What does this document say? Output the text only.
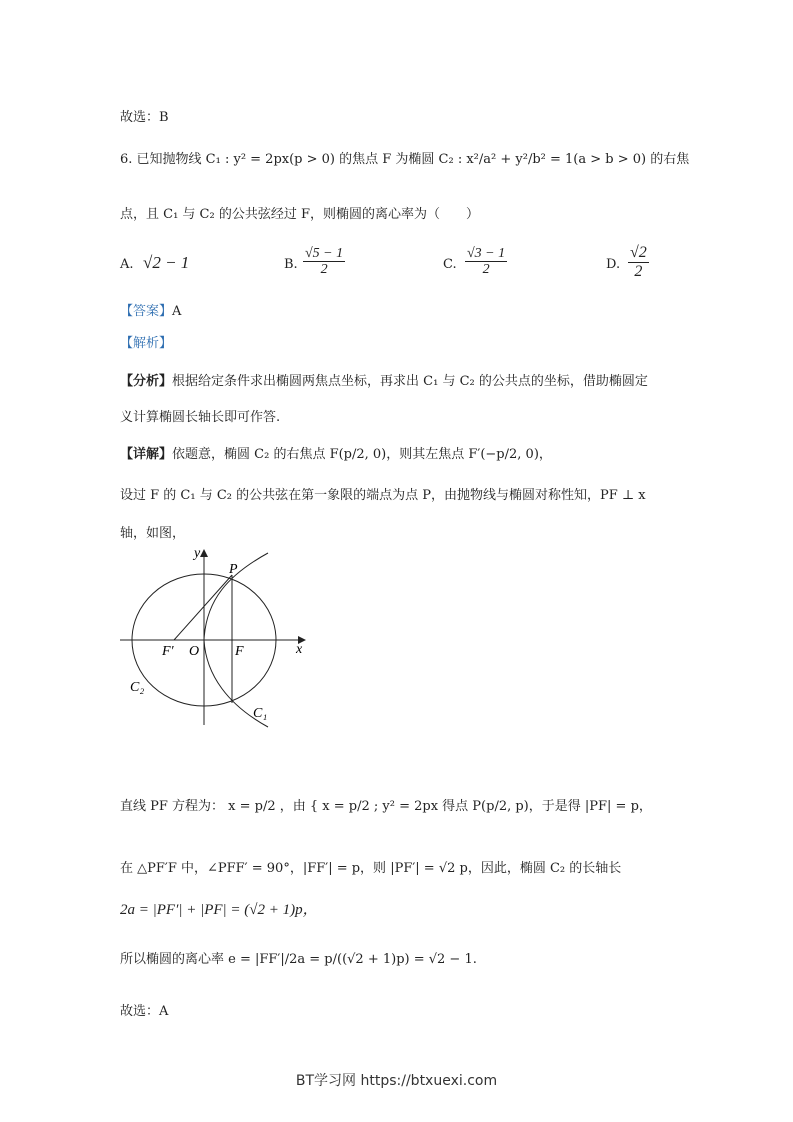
故选：B
6. 已知抛物线 C₁ : y² = 2px(p > 0) 的焦点 F 为椭圆 C₂ : x²/a² + y²/b² = 1(a > b > 0) 的右焦
点，且 C₁ 与 C₂ 的公共弦经过 F，则椭圆的离心率为（　　）
A. √2 − 1	B. $\frac{√5 - 1}{2}$	C. $\frac{√3 - 1}{2}$	D. $\frac{√2}{2}$
【答案】A
【解析】
【分析】根据给定条件求出椭圆两焦点坐标，再求出 C₁ 与 C₂ 的公共点的坐标，借助椭圆定
义计算椭圆长轴长即可作答.
【详解】依题意，椭圆 C₂ 的右焦点 F(p/2, 0)，则其左焦点 F′(−p/2, 0)，
设过 F 的 C₁ 与 C₂ 的公共弦在第一象限的端点为点 P，由抛物线与椭圆对称性知，PF ⊥ x
轴，如图，
y
x
P
F′ O	F
C₂
C₁
直线 PF 方程为： x = p/2 ，由 { x = p/2 ; y² = 2px 得点 P(p/2, p)，于是得 |PF| = p，
在 △PF′F 中，∠PFF′ = 90°，|FF′| = p，则 |PF′| = √2 p，因此，椭圆 C₂ 的长轴长
2a = |PF′| + |PF| = (√2 + 1)p，
所以椭圆的离心率 e = |FF′|/2a = p/((√2 + 1)p) = √2 − 1.
故选：A
BT学习网 https://btxuexi.com
